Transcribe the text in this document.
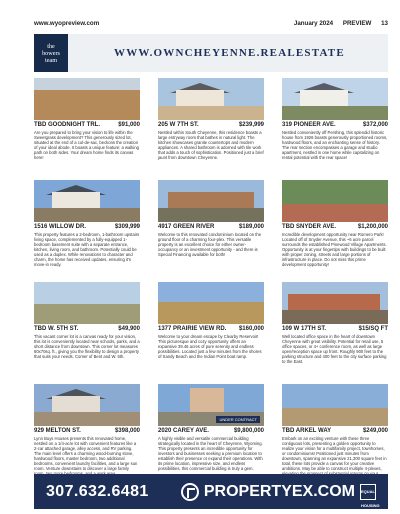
www.wyopreview.com	January 2024 PREVIEW 13
the
bowers
team
WWW.OWNCHEYENNE.REALESTATE
TBD GOODNIGHT TRL.	$91,000
Are you prepared to bring your vision to life within the Sweetgrass development? This generously sized lot, situated at the end of a cul-de-sac, beckons the creation of your ideal abode. It boasts a unique feature: a walking path on both sides. Your dream home finds its canvas here!
205 W 7TH ST.	$239,999
Nestled within South Cheyenne, this residence boasts a large entryway room that bathes in natural light. The kitchen showcases granite countertops and modern appliances. A shared bathroom is adorned with tile work that adds a touch of sophistication. Positioned just a brief jaunt from downtown Cheyenne.
319 PIONEER AVE.	$372,000
Nestled conveniently off Pershing, this splendid historic house from 1926 boasts generously proportioned rooms, hardwood floors, and an enchanting sense of history. The rear section encompasses a garage and studio apartment, nestled in one home while capitalizing on rental potential with the rear space!
1516 WILLOW DR.	$309,999
This property features a 2-bedroom, 1-bathroom upstairs living space, complemented by a fully-equipped 1-bedroom basement suite with a separate entrance, kitchen, living room, and bathroom. Potentially could be used as a duplex. While renovations to character and charm, the home has received updates, ensuring it's move-in ready.
4917 GREEN RIVER	$189,000
Welcome to this renovated condominium located on the ground floor of a charming four-plex. This versatile property is an excellent choice for either owner-occupancy or an investment opportunity - and there is Special Financing available for both!
TBD SNYDER AVE.	$1,200,000
Incredible development opportunity near Romero Park! Located off of Snyder Avenue, this ~6 acre parcel surrounds the established Pinewood Village Apartments. Opportunity is at your fingertips with buildings to be built with proper zoning, streets and large portions of infrastructure in place. Do not miss this prime development opportunity!
TBD W. 5TH ST.	$49,900
This vacant corner lot is a canvas ready for your vision, this lot is conveniently located near schools, parks, and a short distance from downtown. This corner lot measures 60x70sq. ft., giving you the flexibility to design a property that suits your needs. Corner of Bent and W. 5th.
1377 PRAIRIE VIEW RD. $160,000
Welcome to your dream escape by Clearby Reservoir! This picturesque and cozy opportunity offers an expansive 39.46 acres of pure serenity and endless possibilities. Located just a few minutes from the shores of Sandy Beach and the Indian Point boat ramp.
109 W 17TH ST.	$15/SQ FT
Well located office space in the heart of downtown Cheyenne with great visibility. Potential for retail use, 5 office spaces, or 4+ conference room, as well as large open/reception space up front. Roughly 900 feet to the parking structure and 400 feet to the city surface parking to the East.
929 MELTON ST.	$398,000
Lynn Buys Houses presents this renovated home, nestled on a 1/4-acre lot with convenient features like a 2-car attached garage, alley access, and RV parking. The main level offers a charming wood-burning stove, hardwood floors, master bedroom, two additional bedrooms, convenient laundry facilities, and a large sun room. Venture downstairs to discover a large family
UNDER CONTRACT
2020 CAREY AVE.	$9,800,000
A highly visible and versatile commercial building strategically located in the heart of Cheyenne, Wyoming. This property presents an incredible opportunity for investors and businesses seeking a premium location to establish their presence or expand their operations. With its prime location, impressive size, and endless possibilities, this commercial building is truly a gem.
TBD ARKEL WAY	$249,000
Embark on an exciting venture with these three contiguous lots, presenting a golden opportunity to realize your vision for a multifamily project, townhomes, or condominiums! Positioned just minutes from downtown, spanning an expansive 21,300 square feet in total, these lots provide a canvas for your creative ambitions. May be able to construct multiple 4-plexes,
307.632.6481	PROPERTYEX.COM EQUAL HOUSING
